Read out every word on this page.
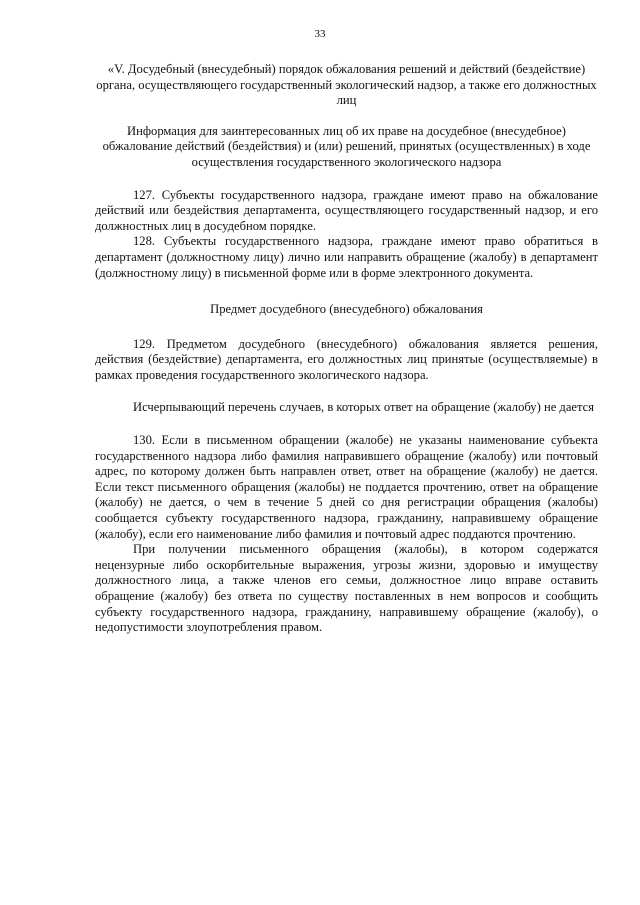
33

«V. Досудебный (внесудебный) порядок обжалования решений и действий (бездействие) органа, осуществляющего государственный экологический надзор, а также его должностных лиц

Информация для заинтересованных лиц об их праве на досудебное (внесудебное) обжалование действий (бездействия) и (или) решений, принятых (осуществленных) в ходе осуществления государственного экологического надзора

127. Субъекты государственного надзора, граждане имеют право на обжалование действий или бездействия департамента, осуществляющего государственный надзор, и его должностных лиц в досудебном порядке.

128. Субъекты государственного надзора, граждане имеют право обратиться в департамент (должностному лицу) лично или направить обращение (жалобу) в департамент (должностному лицу) в письменной форме или в форме электронного документа.

Предмет досудебного (внесудебного) обжалования

129. Предметом досудебного (внесудебного) обжалования является решения, действия (бездействие) департамента, его должностных лиц принятые (осуществляемые) в рамках проведения государственного экологического надзора.

Исчерпывающий перечень случаев, в которых ответ на обращение (жалобу) не дается

130. Если в письменном обращении (жалобе) не указаны наименование субъекта государственного надзора либо фамилия направившего обращение (жалобу) или почтовый адрес, по которому должен быть направлен ответ, ответ на обращение (жалобу) не дается. Если текст письменного обращения (жалобы) не поддается прочтению, ответ на обращение (жалобу) не дается, о чем в течение 5 дней со дня регистрации обращения (жалобы) сообщается субъекту государственного надзора, гражданину, направившему обращение (жалобу), если его наименование либо фамилия и почтовый адрес поддаются прочтению.

При получении письменного обращения (жалобы), в котором содержатся нецензурные либо оскорбительные выражения, угрозы жизни, здоровью и имуществу должностного лица, а также членов его семьи, должностное лицо вправе оставить обращение (жалобу) без ответа по существу поставленных в нем вопросов и сообщить субъекту государственного надзора, гражданину, направившему обращение (жалобу), о недопустимости злоупотребления правом.
